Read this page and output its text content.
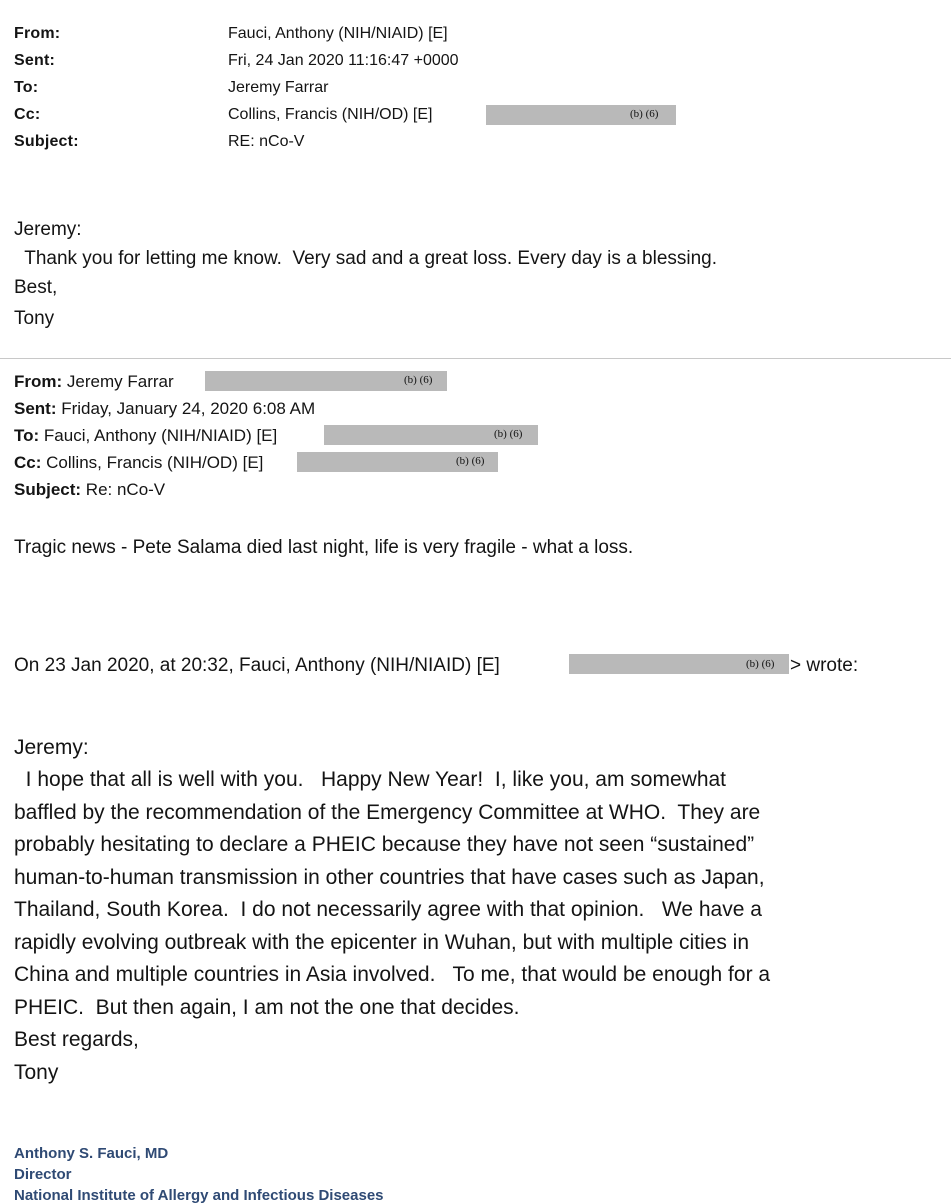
From:	Fauci, Anthony (NIH/NIAID) [E]
Sent:	Fri, 24 Jan 2020 11:16:47 +0000
To:	Jeremy Farrar
Cc:	Collins, Francis (NIH/OD) [E]	(b) (6)
Subject:	RE: nCo-V
Jeremy:
Thank you for letting me know.  Very sad and a great loss. Every day is a blessing.
Best,
Tony
From: Jeremy Farrar	(b) (6)
Sent: Friday, January 24, 2020 6:08 AM
To: Fauci, Anthony (NIH/NIAID) [E]	(b) (6)
Cc: Collins, Francis (NIH/OD) [E]	(b) (6)
Subject: Re: nCo-V
Tragic news - Pete Salama died last night, life is very fragile - what a loss.
On 23 Jan 2020, at 20:32, Fauci, Anthony (NIH/NIAID) [E]	(b) (6) > wrote:
Jeremy:
I hope that all is well with you.   Happy New Year!  I, like you, am somewhat
baffled by the recommendation of the Emergency Committee at WHO.  They are
probably hesitating to declare a PHEIC because they have not seen “sustained”
human-to-human transmission in other countries that have cases such as Japan,
Thailand, South Korea.  I do not necessarily agree with that opinion.   We have a
rapidly evolving outbreak with the epicenter in Wuhan, but with multiple cities in
China and multiple countries in Asia involved.   To me, that would be enough for a
PHEIC.  But then again, I am not the one that decides.
Best regards,
Tony
Anthony S. Fauci, MD
Director
National Institute of Allergy and Infectious Diseases
